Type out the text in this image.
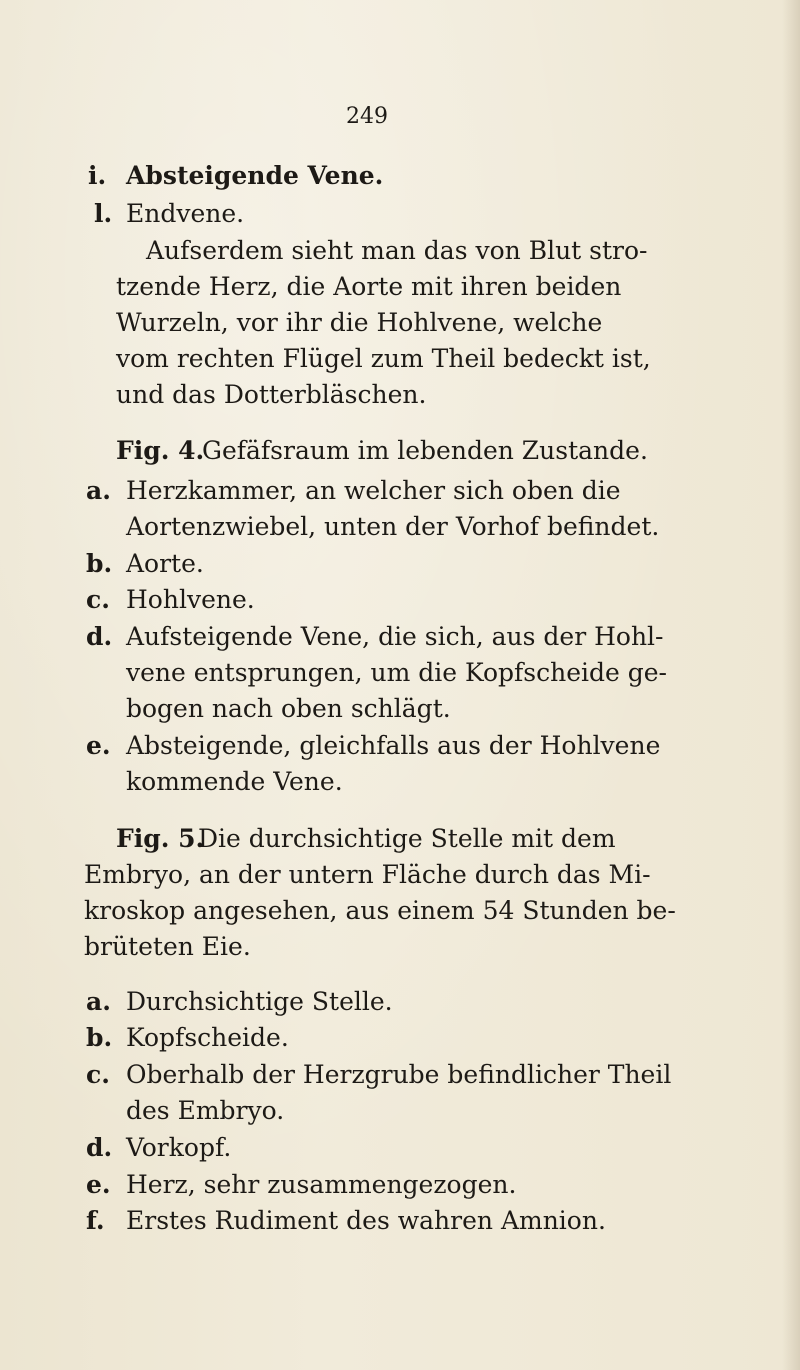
249
i. Absteigende Vene.
l. Endvene.
Aufserdem sieht man das von Blut stro-
tzende Herz, die Aorte mit ihren beiden
Wurzeln, vor ihr die Hohlvene, welche
vom rechten Flügel zum Theil bedeckt ist,
und das Dotterbläschen.
Fig. 4.
Gefäfsraum im lebenden Zustande.
a. Herzkammer, an welcher sich oben die
Aortenzwiebel, unten der Vorhof befindet.
b. Aorte.
c. Hohlvene.
d. Aufsteigende Vene, die sich, aus der Hohl-
vene entsprungen, um die Kopfscheide ge-
bogen nach oben schlägt.
e. Absteigende, gleichfalls aus der Hohlvene
kommende Vene.
Fig. 5.
Die durchsichtige Stelle mit dem
Embryo, an der untern Fläche durch das Mi-
kroskop angesehen, aus einem 54 Stunden be-
brüteten Eie.
a. Durchsichtige Stelle.
b. Kopfscheide.
c. Oberhalb der Herzgrube befindlicher Theil
des Embryo.
d. Vorkopf.
e. Herz, sehr zusammengezogen.
f. Erstes Rudiment des wahren Amnion.
